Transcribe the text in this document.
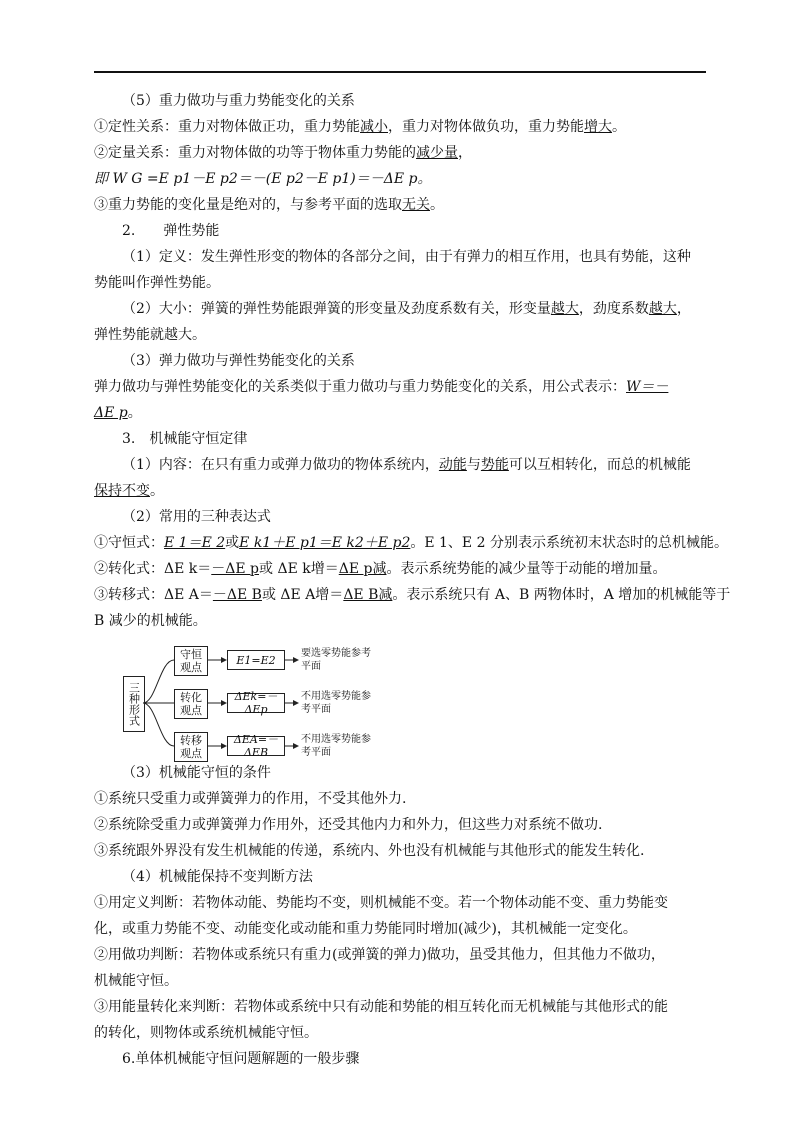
（5）重力做功与重力势能变化的关系
①定性关系：重力对物体做正功，重力势能减小，重力对物体做负功，重力势能增大。
②定量关系：重力对物体做的功等于物体重力势能的减少量，
即 W G =E p1－E p2＝－(E p2－E p1)＝－ΔE p。
③重力势能的变化量是绝对的，与参考平面的选取无关。
2.　　弹性势能
（1）定义：发生弹性形变的物体的各部分之间，由于有弹力的相互作用，也具有势能，这种
势能叫作弹性势能。
（2）大小：弹簧的弹性势能跟弹簧的形变量及劲度系数有关，形变量越大，劲度系数越大，
弹性势能就越大。
（3）弹力做功与弹性势能变化的关系
弹力做功与弹性势能变化的关系类似于重力做功与重力势能变化的关系，用公式表示：W＝－
ΔE p。
3.　机械能守恒定律
（1）内容：在只有重力或弹力做功的物体系统内，动能与势能可以互相转化，而总的机械能
保持不变。
（2）常用的三种表达式
①守恒式：E 1＝E 2或E k1＋E p1＝E k2＋E p2。E 1、E 2 分别表示系统初末状态时的总机械能。
②转化式：ΔE k＝－ΔE p或 ΔE k增＝ΔE p减。表示系统势能的减少量等于动能的增加量。
③转移式：ΔE A＝－ΔE B或 ΔE A增＝ΔE B减。表示系统只有 A、B 两物体时，A 增加的机械能等于
B 减少的机械能。
三种形式
守恒观点
E1=E2	要选零势能参考平面
转化观点
ΔEk=－ΔEp
不用选零势能参考平面
转移观点
ΔEA=－ΔEB
不用选零势能参考平面
（3）机械能守恒的条件
①系统只受重力或弹簧弹力的作用，不受其他外力.
②系统除受重力或弹簧弹力作用外，还受其他内力和外力，但这些力对系统不做功.
③系统跟外界没有发生机械能的传递，系统内、外也没有机械能与其他形式的能发生转化.
（4）机械能保持不变判断方法
①用定义判断：若物体动能、势能均不变，则机械能不变。若一个物体动能不变、重力势能变
化，或重力势能不变、动能变化或动能和重力势能同时增加(减少)，其机械能一定变化。
②用做功判断：若物体或系统只有重力(或弹簧的弹力)做功，虽受其他力，但其他力不做功，
机械能守恒。
③用能量转化来判断：若物体或系统中只有动能和势能的相互转化而无机械能与其他形式的能
的转化，则物体或系统机械能守恒。
6.单体机械能守恒问题解题的一般步骤
